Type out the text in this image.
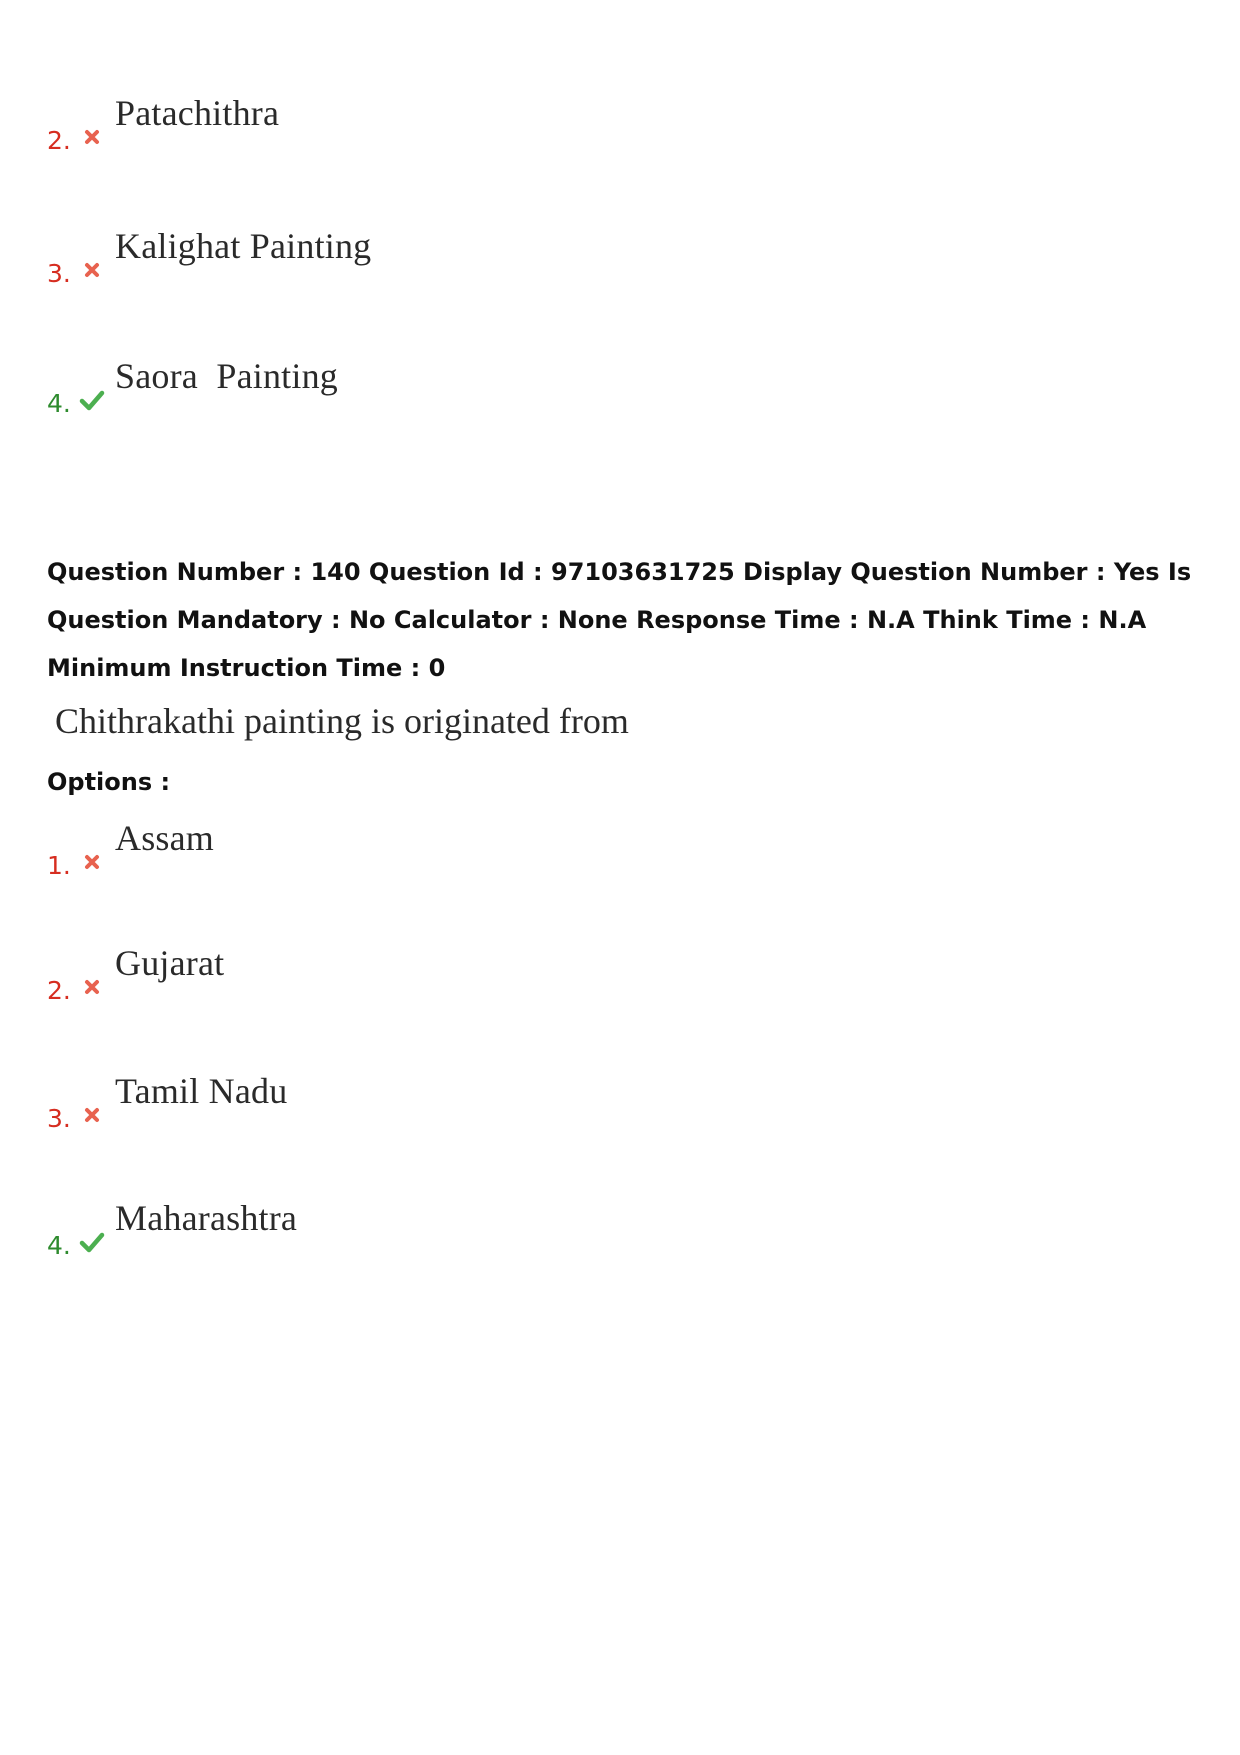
2.
Patachithra
3.
Kalighat Painting
4.
Saora  Painting

Question Number : 140 Question Id : 97103631725 Display Question Number : Yes Is Question Mandatory : No Calculator : None Response Time : N.A Think Time : N.A Minimum Instruction Time : 0

Chithrakathi painting is originated from

Options :

1.
Assam
2.
Gujarat
3.
Tamil Nadu
4.
Maharashtra
